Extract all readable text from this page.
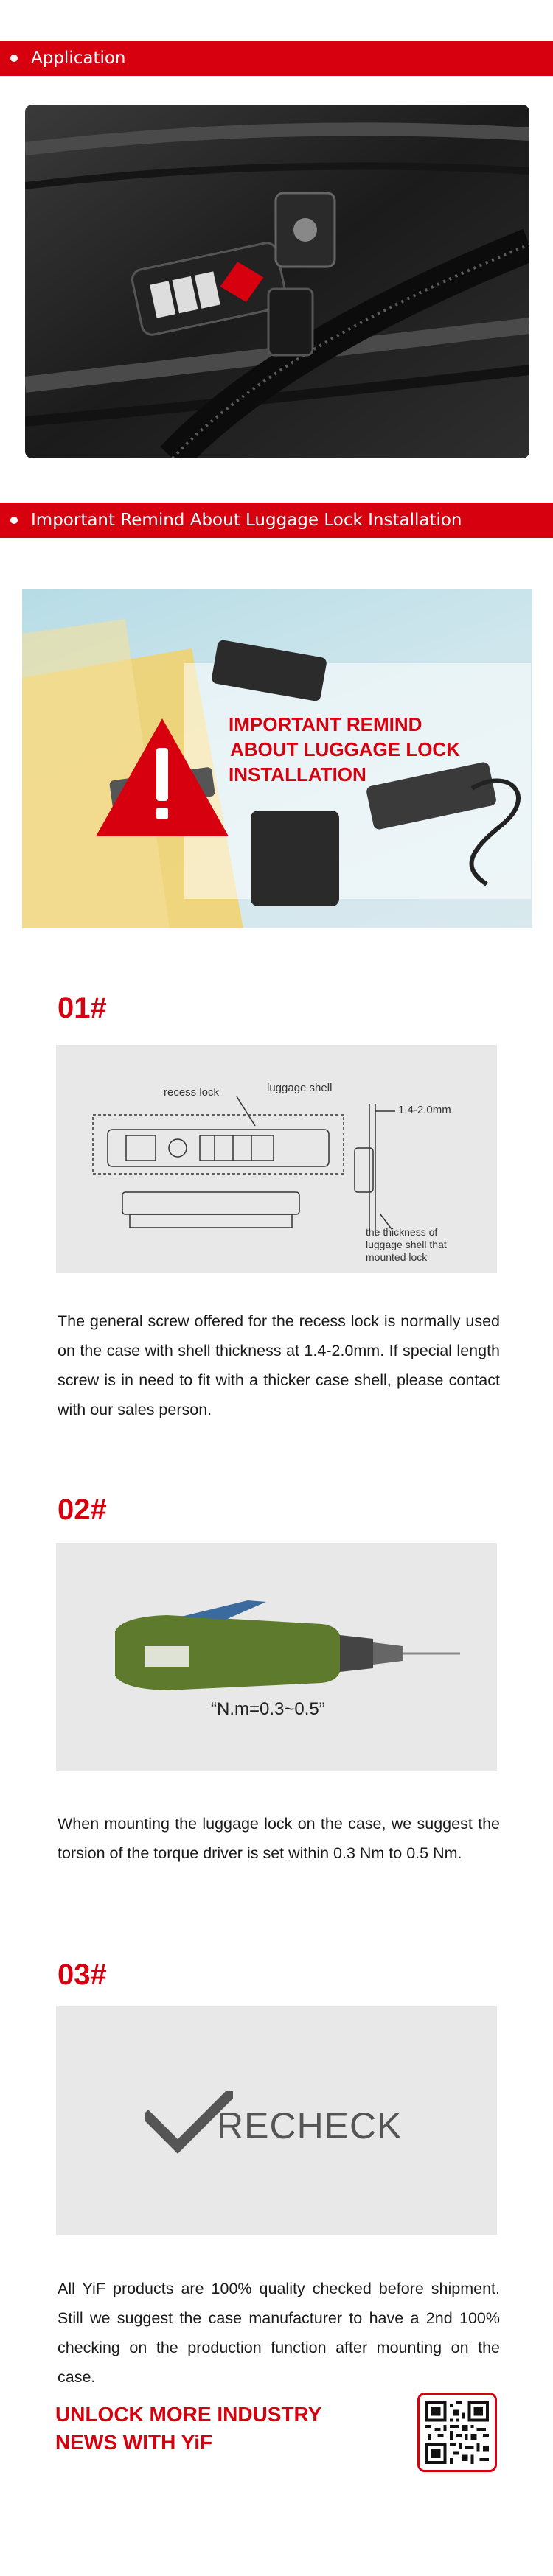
Application
Important Remind About Luggage Lock Installation
IMPORTANT REMIND
ABOUT LUGGAGE LOCK
INSTALLATION
01#
recess lock	luggage shell
1.4-2.0mm
the thickness of
luggage shell that
mounted lock
The general screw offered for the recess lock is normally used on the case with shell thickness at 1.4-2.0mm. If special length screw is in need to fit with a thicker case shell, please contact with our sales person.
02#
“N.m=0.3~0.5”
When mounting the luggage lock on the case, we suggest the torsion of the torque driver is set within 0.3 Nm to 0.5 Nm.
03#
RECHECK
All YiF products are 100% quality checked before shipment. Still we suggest the case manufacturer to have a 2nd 100% checking on the production function after mounting on the case.
UNLOCK MORE INDUSTRY
NEWS WITH YiF
